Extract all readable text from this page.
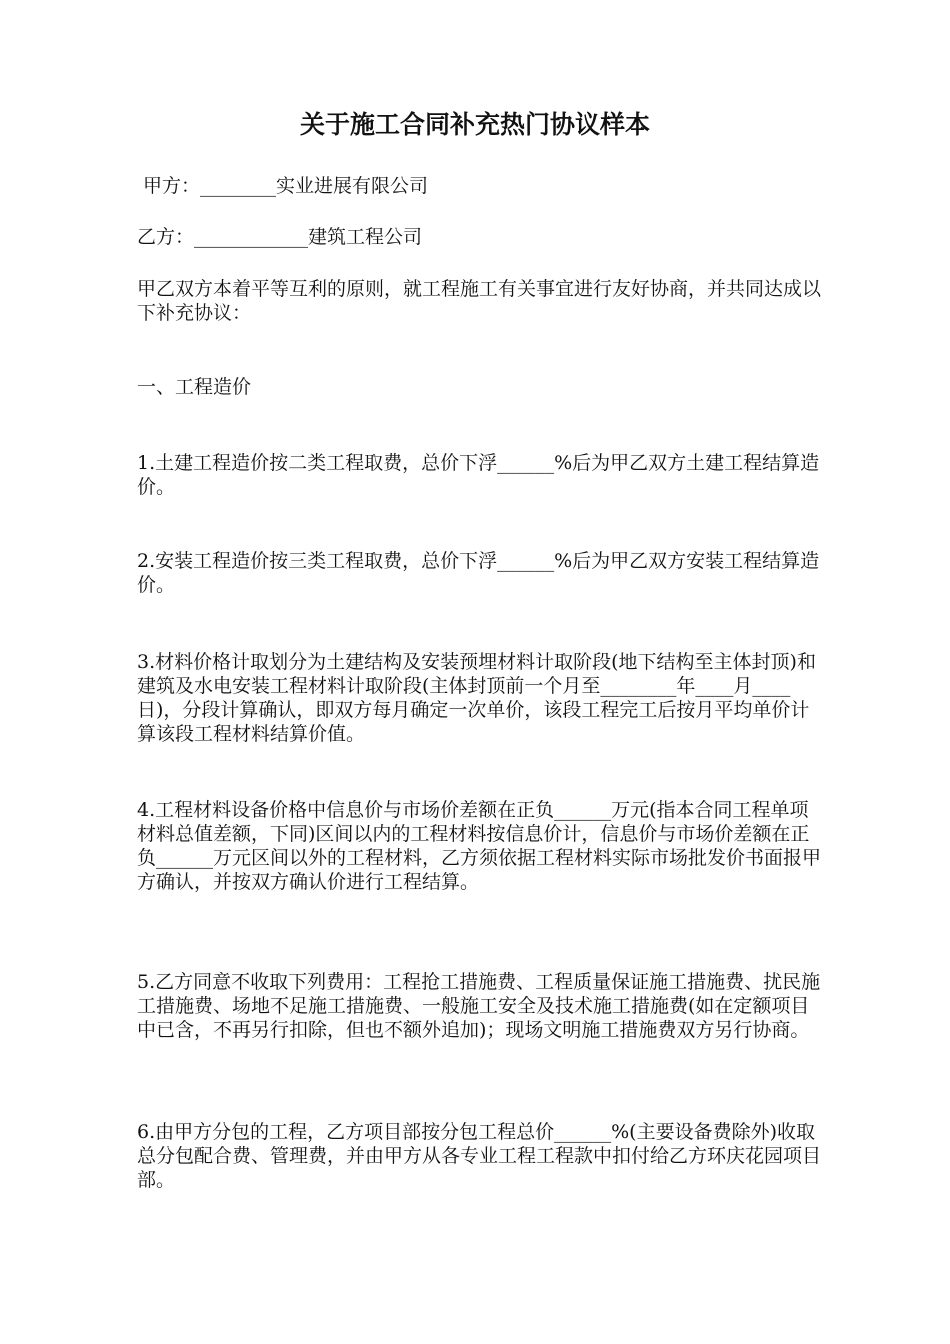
关于施工合同补充热门协议样本

甲方：________实业进展有限公司

乙方：____________建筑工程公司

甲乙双方本着平等互利的原则，就工程施工有关事宜进行友好协商，并共同达成以下补充协议：

一、工程造价

1.土建工程造价按二类工程取费，总价下浮______%后为甲乙双方土建工程结算造价。

2.安装工程造价按三类工程取费，总价下浮______%后为甲乙双方安装工程结算造价。

3.材料价格计取划分为土建结构及安装预埋材料计取阶段(地下结构至主体封顶)和建筑及水电安装工程材料计取阶段(主体封顶前一个月至________年____月____日)，分段计算确认，即双方每月确定一次单价，该段工程完工后按月平均单价计算该段工程材料结算价值。

4.工程材料设备价格中信息价与市场价差额在正负______万元(指本合同工程单项材料总值差额，下同)区间以内的工程材料按信息价计，信息价与市场价差额在正负______万元区间以外的工程材料，乙方须依据工程材料实际市场批发价书面报甲方确认，并按双方确认价进行工程结算。

5.乙方同意不收取下列费用：工程抢工措施费、工程质量保证施工措施费、扰民施工措施费、场地不足施工措施费、一般施工安全及技术施工措施费(如在定额项目中已含，不再另行扣除，但也不额外追加)；现场文明施工措施费双方另行协商。

6.由甲方分包的工程，乙方项目部按分包工程总价______%(主要设备费除外)收取总分包配合费、管理费，并由甲方从各专业工程工程款中扣付给乙方环庆花园项目部。
